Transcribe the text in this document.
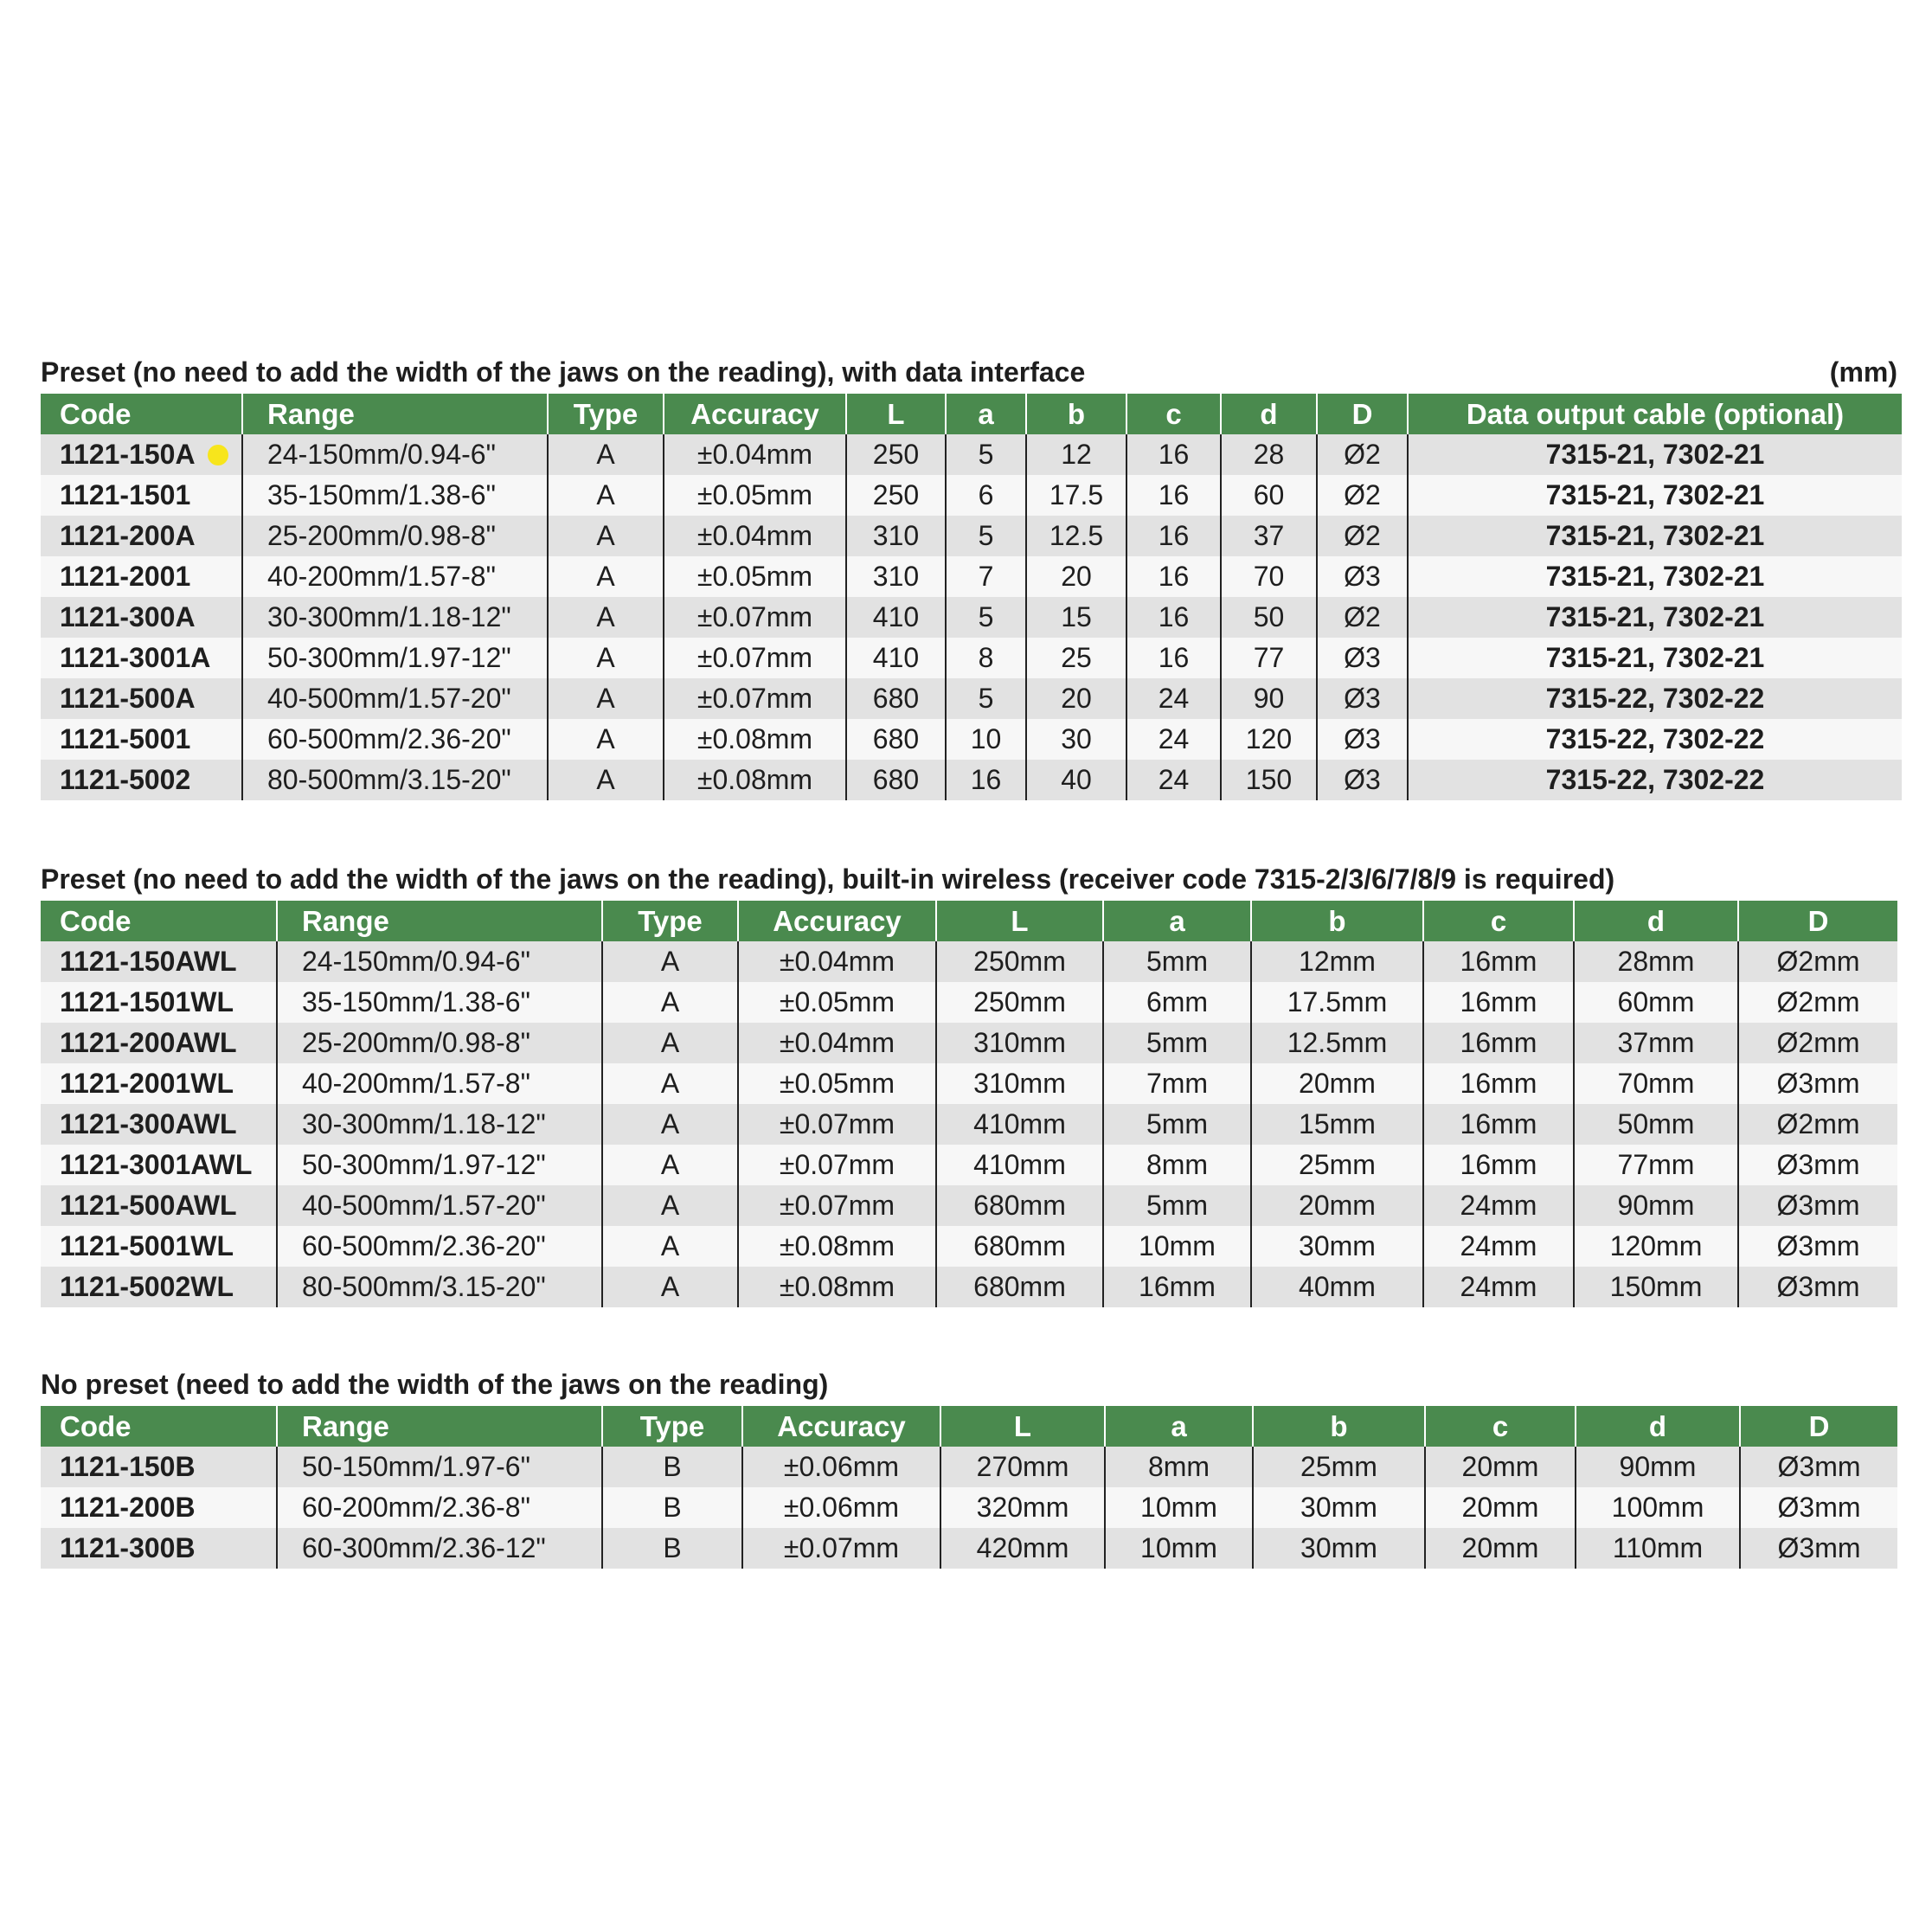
Preset (no need to add the width of the jaws on the reading), with data interface	(mm)
Code	Range	Type	Accuracy	L	a	b	c	d	D	Data output cable (optional)
1121-150A	24-150mm/0.94-6"	A	±0.04mm	250	5	12	16	28	Ø2	7315-21, 7302-21
1121-1501	35-150mm/1.38-6"	A	±0.05mm	250	6	17.5	16	60	Ø2	7315-21, 7302-21
1121-200A	25-200mm/0.98-8"	A	±0.04mm	310	5	12.5	16	37	Ø2	7315-21, 7302-21
1121-2001	40-200mm/1.57-8"	A	±0.05mm	310	7	20	16	70	Ø3	7315-21, 7302-21
1121-300A	30-300mm/1.18-12"	A	±0.07mm	410	5	15	16	50	Ø2	7315-21, 7302-21
1121-3001A	50-300mm/1.97-12"	A	±0.07mm	410	8	25	16	77	Ø3	7315-21, 7302-21
1121-500A	40-500mm/1.57-20"	A	±0.07mm	680	5	20	24	90	Ø3	7315-22, 7302-22
1121-5001	60-500mm/2.36-20"	A	±0.08mm	680	10	30	24	120	Ø3	7315-22, 7302-22
1121-5002	80-500mm/3.15-20"	A	±0.08mm	680	16	40	24	150	Ø3	7315-22, 7302-22
Preset (no need to add the width of the jaws on the reading), built-in wireless (receiver code 7315-2/3/6/7/8/9 is required)
Code	Range	Type	Accuracy	L	a	b	c	d	D
1121-150AWL	24-150mm/0.94-6"	A	±0.04mm	250mm	5mm	12mm	16mm	28mm	Ø2mm
1121-1501WL	35-150mm/1.38-6"	A	±0.05mm	250mm	6mm	17.5mm	16mm	60mm	Ø2mm
1121-200AWL	25-200mm/0.98-8"	A	±0.04mm	310mm	5mm	12.5mm	16mm	37mm	Ø2mm
1121-2001WL	40-200mm/1.57-8"	A	±0.05mm	310mm	7mm	20mm	16mm	70mm	Ø3mm
1121-300AWL	30-300mm/1.18-12"	A	±0.07mm	410mm	5mm	15mm	16mm	50mm	Ø2mm
1121-3001AWL	50-300mm/1.97-12"	A	±0.07mm	410mm	8mm	25mm	16mm	77mm	Ø3mm
1121-500AWL	40-500mm/1.57-20"	A	±0.07mm	680mm	5mm	20mm	24mm	90mm	Ø3mm
1121-5001WL	60-500mm/2.36-20"	A	±0.08mm	680mm	10mm	30mm	24mm	120mm	Ø3mm
1121-5002WL	80-500mm/3.15-20"	A	±0.08mm	680mm	16mm	40mm	24mm	150mm	Ø3mm
No preset (need to add the width of the jaws on the reading)
Code	Range	Type	Accuracy	L	a	b	c	d	D
1121-150B	50-150mm/1.97-6"	B	±0.06mm	270mm	8mm	25mm	20mm	90mm	Ø3mm
1121-200B	60-200mm/2.36-8"	B	±0.06mm	320mm	10mm	30mm	20mm	100mm	Ø3mm
1121-300B	60-300mm/2.36-12"	B	±0.07mm	420mm	10mm	30mm	20mm	110mm	Ø3mm
